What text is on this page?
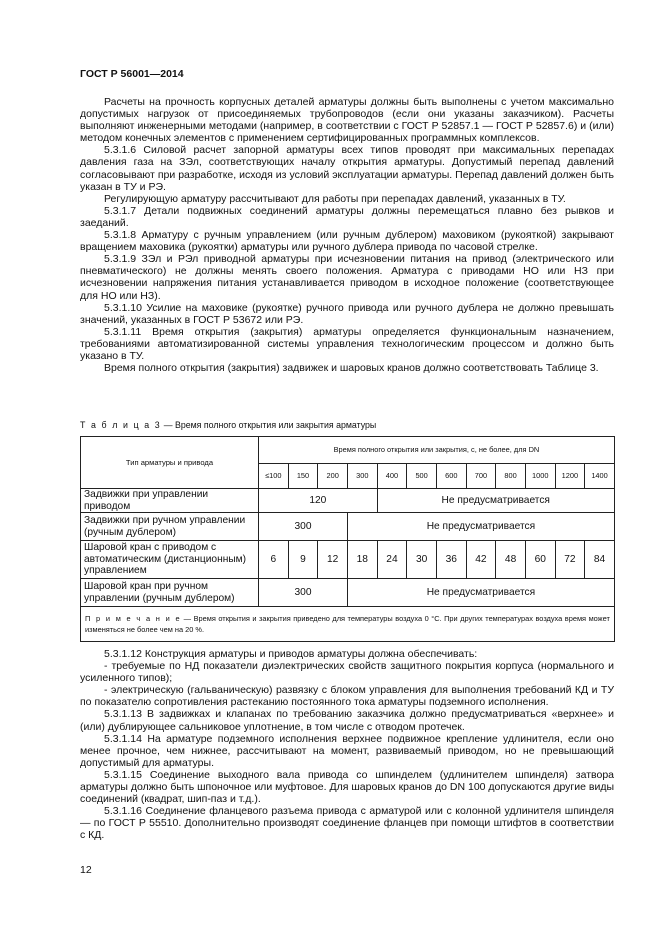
ГОСТ Р 56001—2014

Расчеты на прочность корпусных деталей арматуры должны быть выполнены с учетом максимально допустимых нагрузок от присоединяемых трубопроводов (если они указаны заказчиком). Расчеты выполняют инженерными методами (например, в соответствии с ГОСТ Р 52857.1 — ГОСТ Р 52857.6) и (или) методом конечных элементов с применением сертифицированных программных комплексов.

5.3.1.6 Силовой расчет запорной арматуры всех типов проводят при максимальных перепадах давления газа на ЗЭл, соответствующих началу открытия арматуры. Допустимый перепад давлений согласовывают при разработке, исходя из условий эксплуатации арматуры. Перепад давлений должен быть указан в ТУ и РЭ.

Регулирующую арматуру рассчитывают для работы при перепадах давлений, указанных в ТУ.

5.3.1.7 Детали подвижных соединений арматуры должны перемещаться плавно без рывков и заеданий.

5.3.1.8 Арматуру с ручным управлением (или ручным дублером) маховиком (рукояткой) закрывают вращением маховика (рукоятки) арматуры или ручного дублера привода по часовой стрелке.

5.3.1.9 ЗЭл и РЭл приводной арматуры при исчезновении питания на привод (электрического или пневматического) не должны менять своего положения. Арматура с приводами НО или НЗ при исчезновении напряжения питания устанавливается приводом в исходное положение (соответствующее для НО или НЗ).

5.3.1.10 Усилие на маховике (рукоятке) ручного привода или ручного дублера не должно превышать значений, указанных в ГОСТ Р 53672 или РЭ.

5.3.1.11 Время открытия (закрытия) арматуры определяется функциональным назначением, требованиями автоматизированной системы управления технологическим процессом и должно быть указано в ТУ.

Время полного открытия (закрытия) задвижек и шаровых кранов должно соответствовать Таблице 3.

Т а б л и ц а 3 — Время полного открытия или закрытия арматуры
Тип арматуры и привода	Время полного открытия или закрытия, с, не более, для DN											
	≤100	150	200	300	400	500	600	700	800	1000	1200	1400
Задвижки при управлении приводом	120				Не предусматривается							
Задвижки при ручном управлении (ручным дублером)	300			Не предусматривается								
Шаровой кран с приводом с автоматическим (дистанционным) управлением	6	9	12	18	24	30	36	42	48	60	72	84
Шаровой кран при ручном управлении (ручным дублером)	300			Не предусматривается								
П р и м е ч а н и е — Время открытия и закрытия приведено для температуры воздуха 0 °С. При других температурах воздуха время может изменяться не более чем на 20 %.												

5.3.1.12 Конструкция арматуры и приводов арматуры должна обеспечивать:

- требуемые по НД показатели диэлектрических свойств защитного покрытия корпуса (нормального и усиленного типов);

- электрическую (гальваническую) развязку с блоком управления для выполнения требований КД и ТУ по показателю сопротивления растеканию постоянного тока арматуры подземного исполнения.

5.3.1.13 В задвижках и клапанах по требованию заказчика должно предусматриваться «верхнее» и (или) дублирующее сальниковое уплотнение, в том числе с отводом протечек.

5.3.1.14 На арматуре подземного исполнения верхнее подвижное крепление удлинителя, если оно менее прочное, чем нижнее, рассчитывают на момент, развиваемый приводом, но не превышающий допустимый для арматуры.

5.3.1.15 Соединение выходного вала привода со шпинделем (удлинителем шпинделя) затвора арматуры должно быть шпоночное или муфтовое. Для шаровых кранов до DN 100 допускаются другие виды соединений (квадрат, шип-паз и т.д.).

5.3.1.16 Соединение фланцевого разъема привода с арматурой или с колонной удлинителя шпинделя — по ГОСТ Р 55510. Дополнительно производят соединение фланцев при помощи штифтов в соответствии с КД.

12
